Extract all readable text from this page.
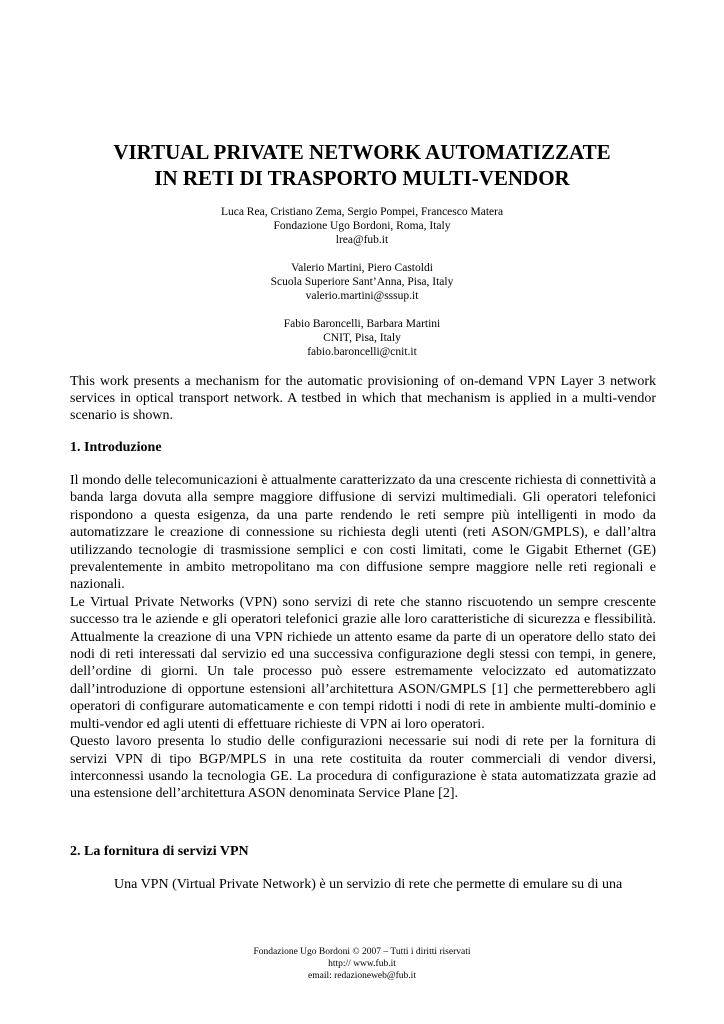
VIRTUAL PRIVATE NETWORK AUTOMATIZZATE
IN RETI DI TRASPORTO MULTI-VENDOR
Luca Rea, Cristiano Zema, Sergio Pompei, Francesco Matera
Fondazione Ugo Bordoni, Roma, Italy
lrea@fub.it
Valerio Martini, Piero Castoldi
Scuola Superiore Sant’Anna, Pisa, Italy
valerio.martini@sssup.it
Fabio Baroncelli, Barbara Martini
CNIT, Pisa, Italy
fabio.baroncelli@cnit.it
This work presents a mechanism for the automatic provisioning of on-demand VPN Layer 3 network services in optical transport network. A testbed in which that mechanism is applied in a multi-vendor scenario is shown.
1. Introduzione

Il mondo delle telecomunicazioni è attualmente caratterizzato da una crescente richiesta di connettività a banda larga dovuta alla sempre maggiore diffusione di servizi multimediali. Gli operatori telefonici rispondono a questa esigenza, da una parte rendendo le reti sempre più intelligenti in modo da automatizzare le creazione di connessione su richiesta degli utenti (reti ASON/GMPLS), e dall’altra utilizzando tecnologie di trasmissione semplici e con costi limitati, come le Gigabit Ethernet (GE) prevalentemente in ambito metropolitano ma con diffusione sempre maggiore nelle reti regionali e nazionali.

Le Virtual Private Networks (VPN) sono servizi di rete che stanno riscuotendo un sempre crescente successo tra le aziende e gli operatori telefonici grazie alle loro caratteristiche di sicurezza e flessibilità. Attualmente la creazione di una VPN richiede un attento esame da parte di un operatore dello stato dei nodi di reti interessati dal servizio ed una successiva configurazione degli stessi con tempi, in genere, dell’ordine di giorni. Un tale processo può essere estremamente velocizzato ed automatizzato dall’introduzione di opportune estensioni all’architettura ASON/GMPLS [1] che permetterebbero agli operatori di configurare automaticamente e con tempi ridotti i nodi di rete in ambiente multi-dominio e multi-vendor ed agli utenti di effettuare richieste di VPN ai loro operatori.

Questo lavoro presenta lo studio delle configurazioni necessarie sui nodi di rete per la fornitura di servizi VPN di tipo BGP/MPLS in una rete costituita da router commerciali di vendor diversi, interconnessi usando la tecnologia GE. La procedura di configurazione è stata automatizzata grazie ad una estensione dell’architettura ASON denominata Service Plane [2].

2. La fornitura di servizi VPN
Una VPN (Virtual Private Network) è un servizio di rete che permette di emulare su di una
Fondazione Ugo Bordoni © 2007 – Tutti i diritti riservati
http:// www.fub.it
email: redazioneweb@fub.it
